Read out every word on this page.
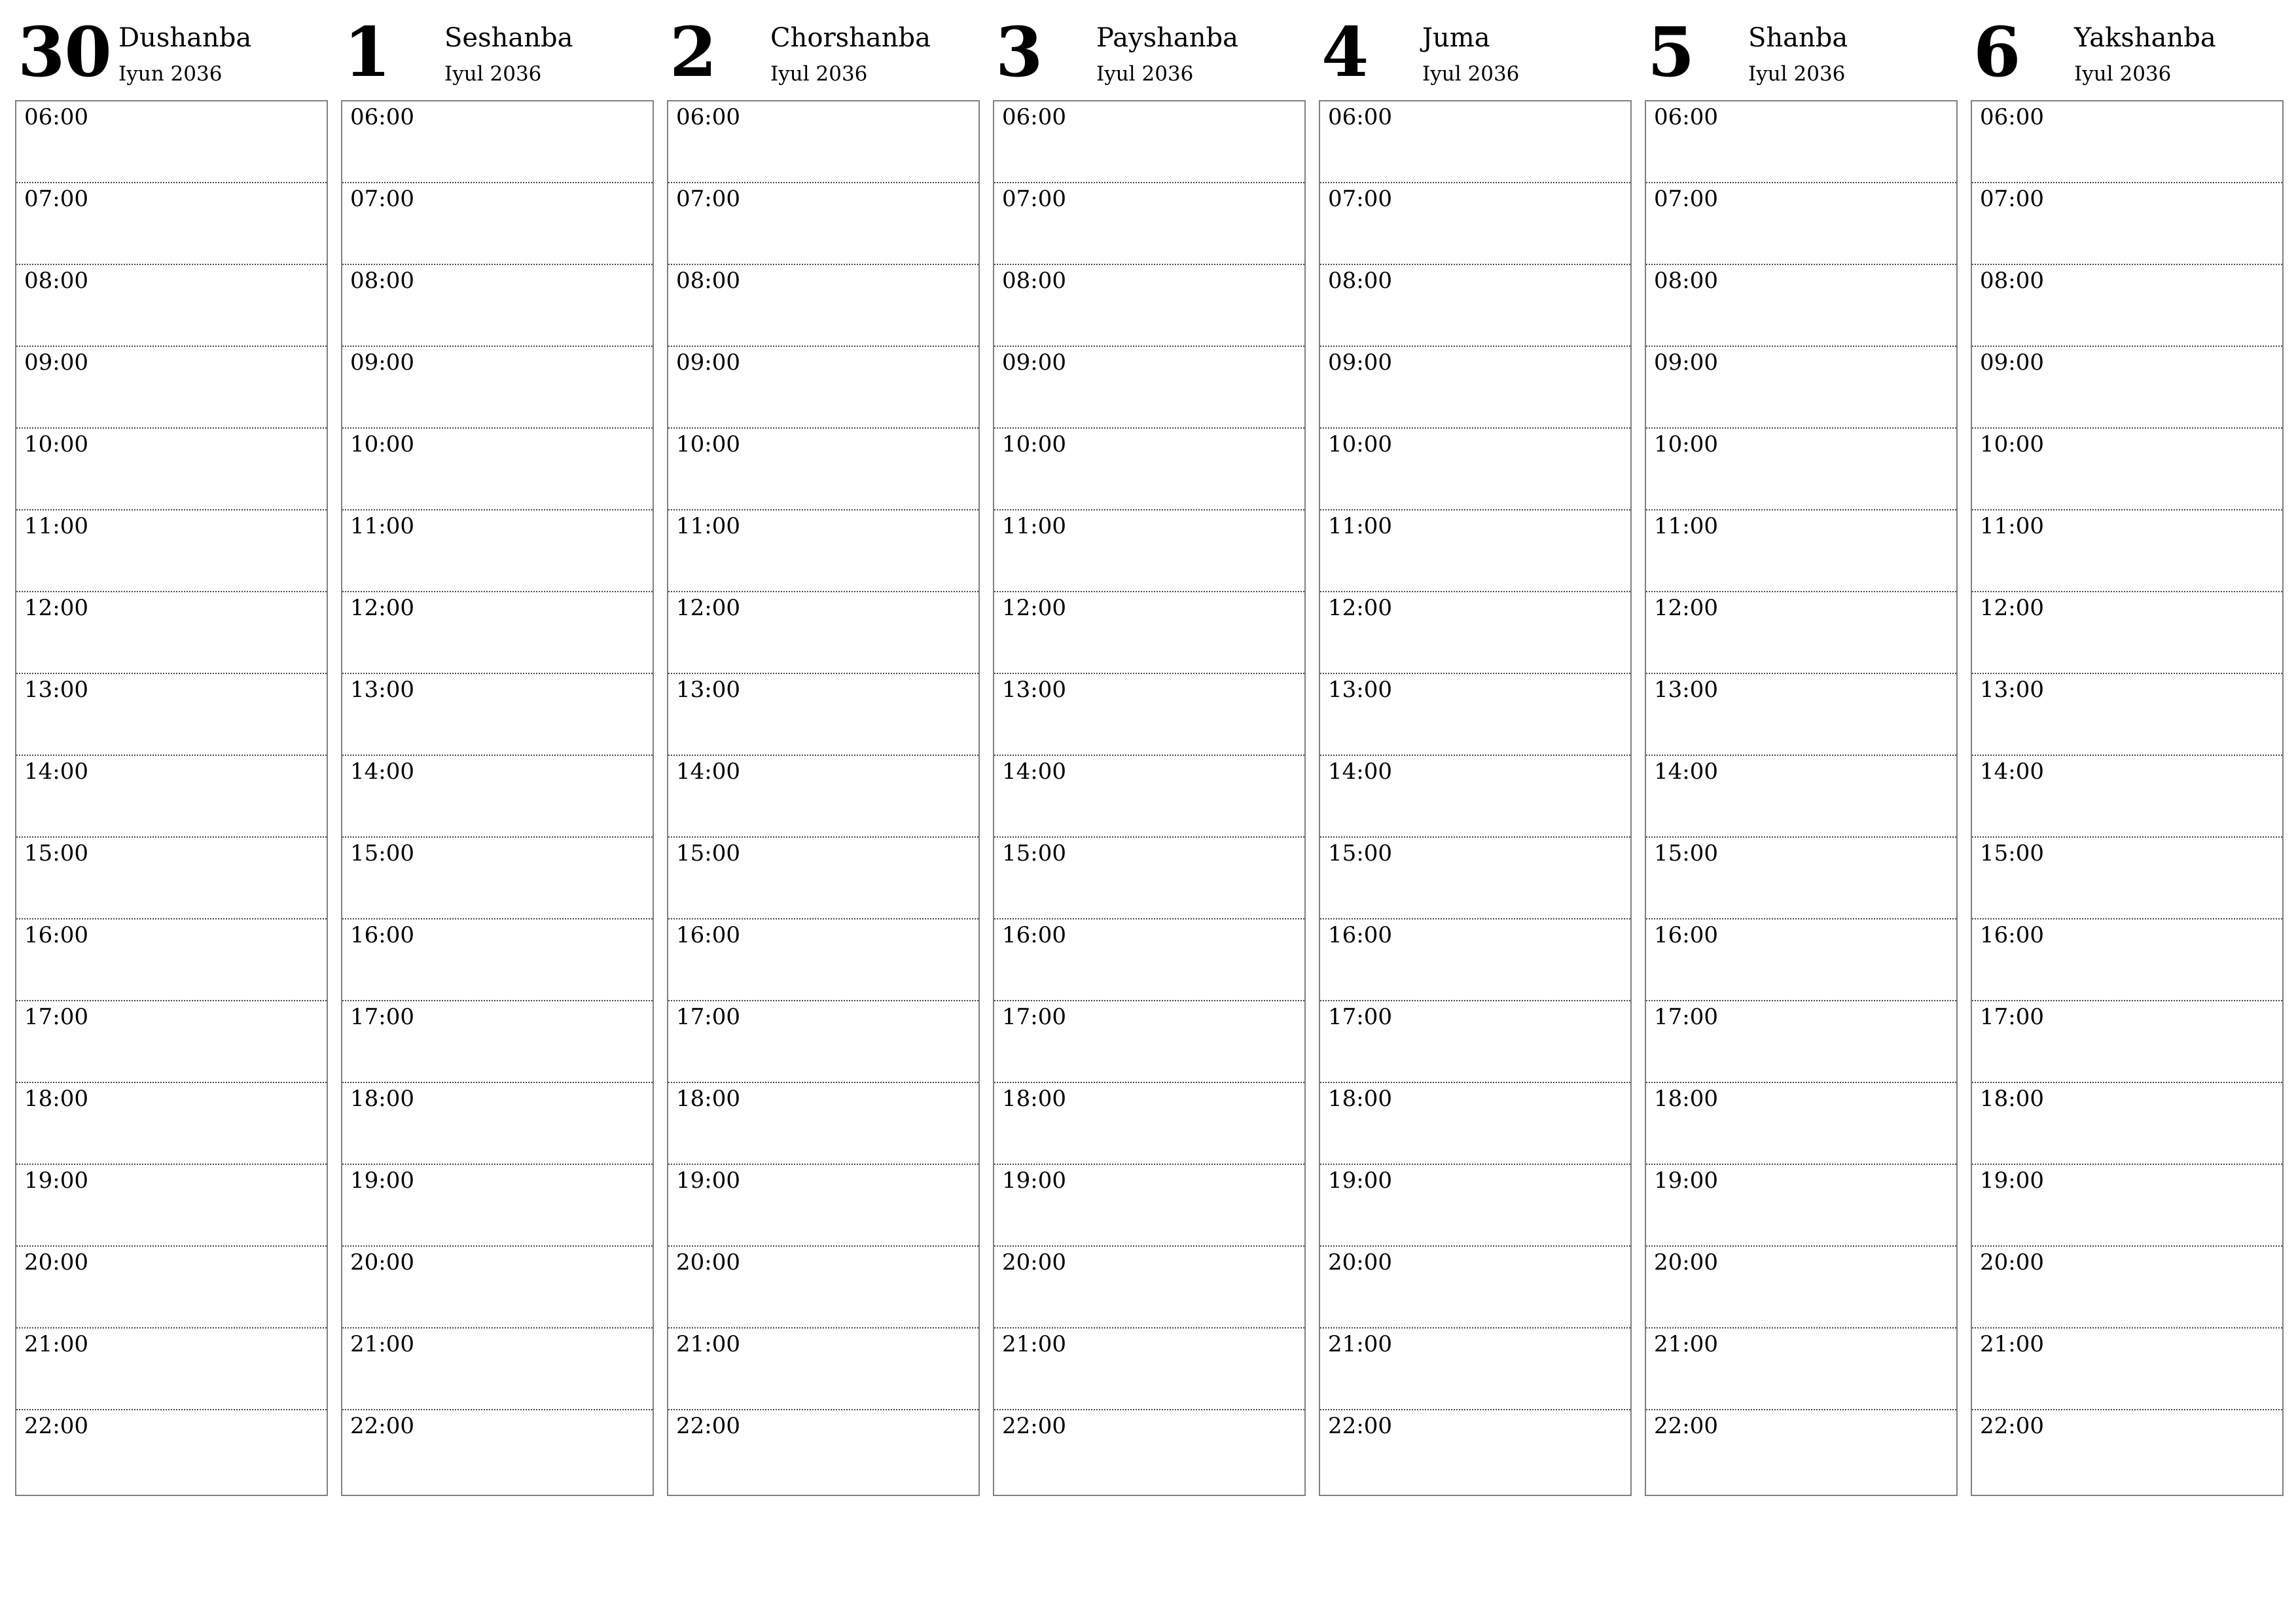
30 Dushanba
Iyun 2036
06:00
07:00
08:00
09:00
10:00
11:00
12:00
13:00
14:00
15:00
16:00
17:00
18:00
19:00
20:00
21:00
22:00
1 Seshanba
Iyul 2036
06:00
07:00
08:00
09:00
10:00
11:00
12:00
13:00
14:00
15:00
16:00
17:00
18:00
19:00
20:00
21:00
22:00
2 Chorshanba
Iyul 2036
06:00
07:00
08:00
09:00
10:00
11:00
12:00
13:00
14:00
15:00
16:00
17:00
18:00
19:00
20:00
21:00
22:00
3 Payshanba
Iyul 2036
06:00
07:00
08:00
09:00
10:00
11:00
12:00
13:00
14:00
15:00
16:00
17:00
18:00
19:00
20:00
21:00
22:00
4 Juma
Iyul 2036
06:00
07:00
08:00
09:00
10:00
11:00
12:00
13:00
14:00
15:00
16:00
17:00
18:00
19:00
20:00
21:00
22:00
5 Shanba
Iyul 2036
06:00
07:00
08:00
09:00
10:00
11:00
12:00
13:00
14:00
15:00
16:00
17:00
18:00
19:00
20:00
21:00
22:00
6 Yakshanba
Iyul 2036
06:00
07:00
08:00
09:00
10:00
11:00
12:00
13:00
14:00
15:00
16:00
17:00
18:00
19:00
20:00
21:00
22:00
